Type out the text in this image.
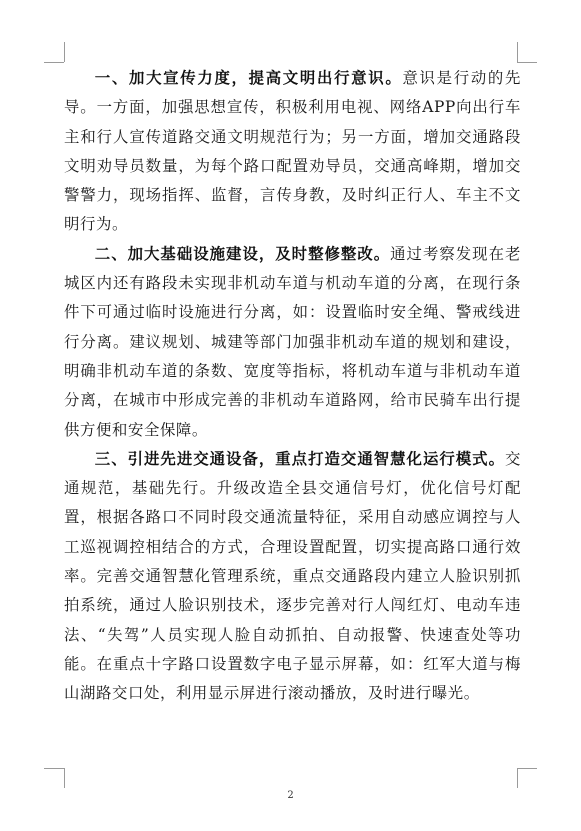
一、加大宣传力度，提高文明出行意识。意识是行动的先导。一方面，加强思想宣传，积极利用电视、网络APP向出行车主和行人宣传道路交通文明规范行为；另一方面，增加交通路段文明劝导员数量，为每个路口配置劝导员，交通高峰期，增加交警警力，现场指挥、监督，言传身教，及时纠正行人、车主不文明行为。

二、加大基础设施建设，及时整修整改。通过考察发现在老城区内还有路段未实现非机动车道与机动车道的分离，在现行条件下可通过临时设施进行分离，如：设置临时安全绳、警戒线进行分离。建议规划、城建等部门加强非机动车道的规划和建设，明确非机动车道的条数、宽度等指标，将机动车道与非机动车道分离，在城市中形成完善的非机动车道路网，给市民骑车出行提供方便和安全保障。

三、引进先进交通设备，重点打造交通智慧化运行模式。交通规范，基础先行。升级改造全县交通信号灯，优化信号灯配置，根据各路口不同时段交通流量特征，采用自动感应调控与人工巡视调控相结合的方式，合理设置配置，切实提高路口通行效率。完善交通智慧化管理系统，重点交通路段内建立人脸识别抓拍系统，通过人脸识别技术，逐步完善对行人闯红灯、电动车违法、“失驾”人员实现人脸自动抓拍、自动报警、快速查处等功能。在重点十字路口设置数字电子显示屏幕，如：红军大道与梅山湖路交口处，利用显示屏进行滚动播放，及时进行曝光。

2
